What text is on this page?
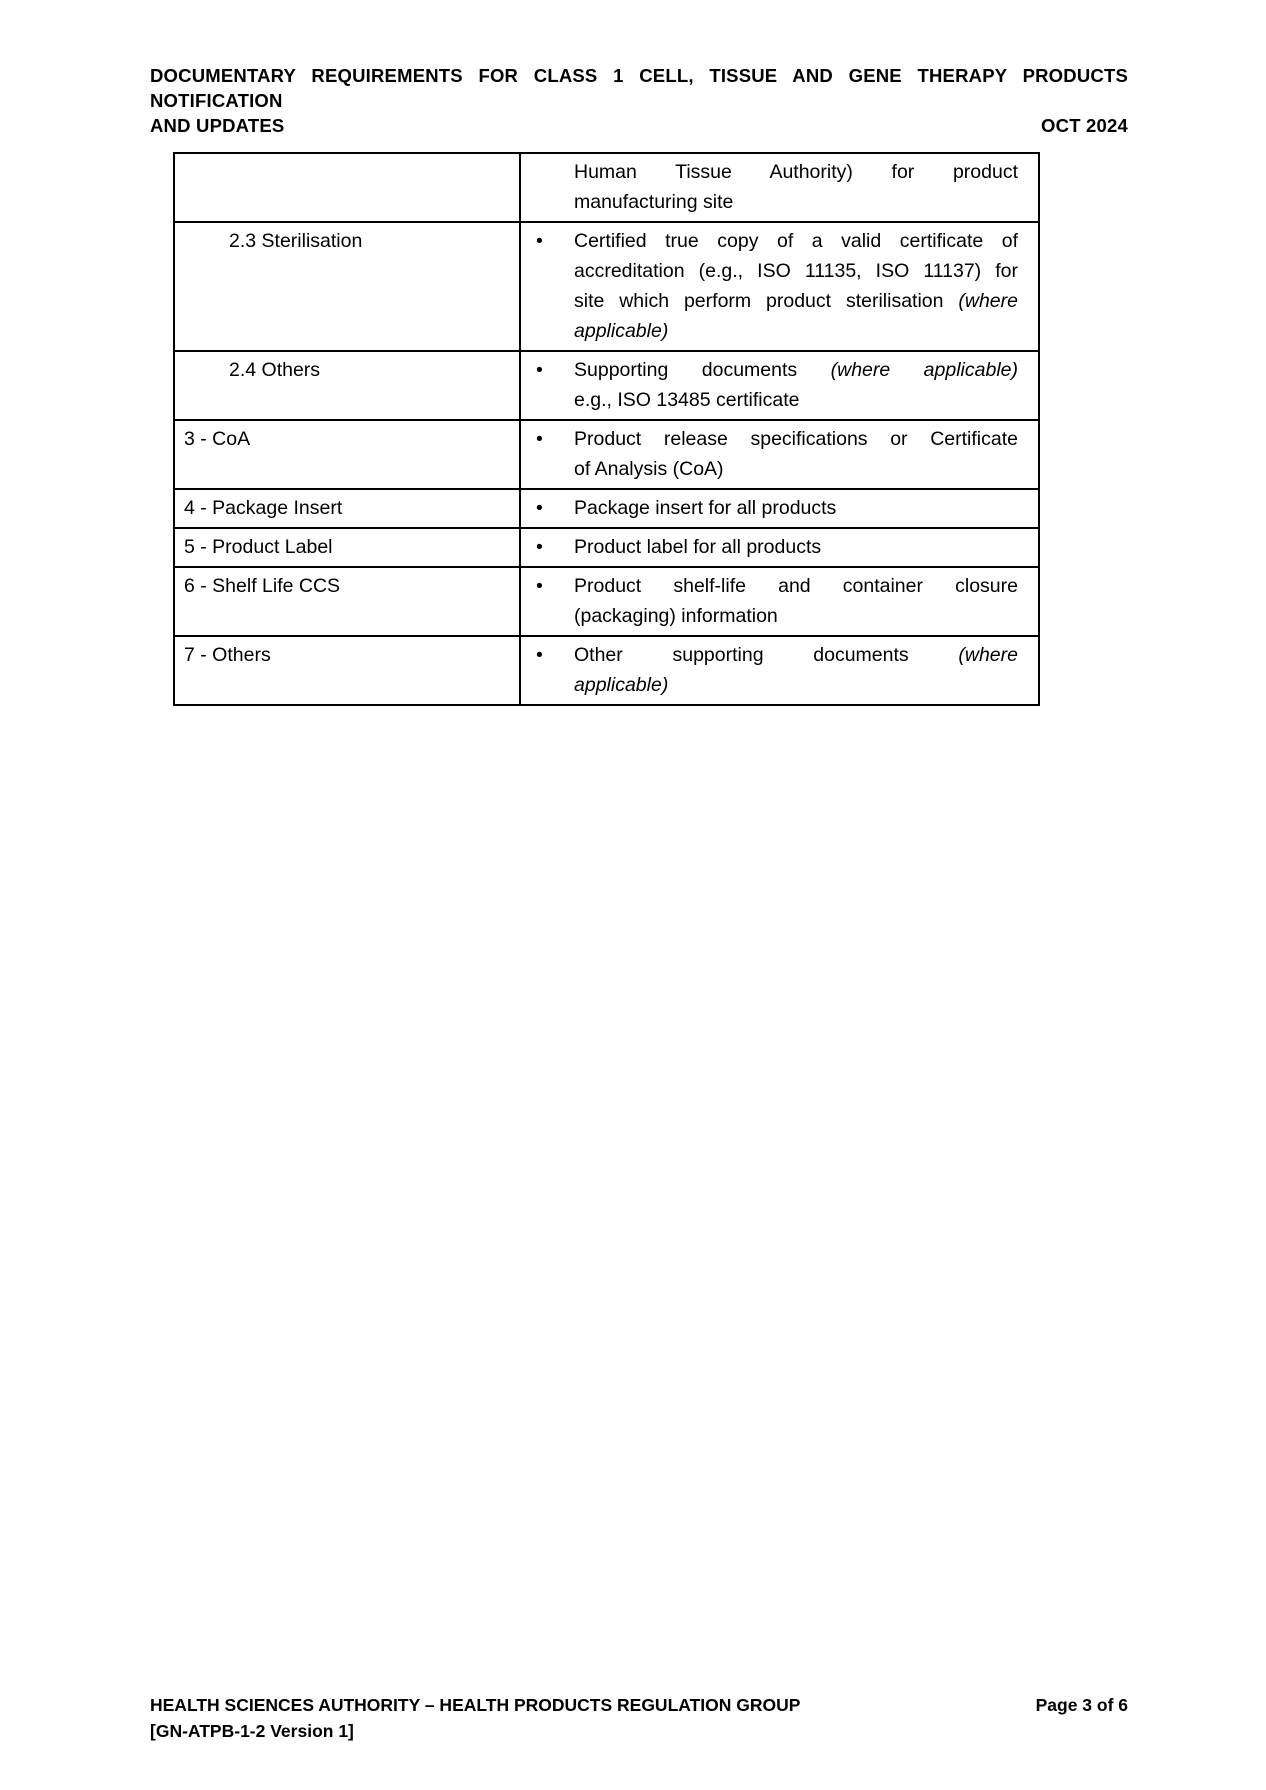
DOCUMENTARY REQUIREMENTS FOR CLASS 1 CELL, TISSUE AND GENE THERAPY PRODUCTS NOTIFICATION
AND UPDATES	OCT 2024

	Human Tissue Authority) for product
manufacturing site

2.3 Sterilisation	• Certified true copy of a valid certificate of
accreditation (e.g., ISO 11135, ISO 11137) for
site which perform product sterilisation (where
applicable)

2.4 Others	• Supporting documents (where applicable)
e.g., ISO 13485 certificate

3 - CoA	• Product release specifications or Certificate
of Analysis (CoA)

4 - Package Insert	• Package insert for all products

5 - Product Label	• Product label for all products

6 - Shelf Life CCS	• Product shelf-life and container closure
(packaging) information

7 - Others	• Other supporting documents (where
applicable)
HEALTH SCIENCES AUTHORITY – HEALTH PRODUCTS REGULATION GROUP
[GN-ATPB-1-2 Version 1]
Page 3 of 6
